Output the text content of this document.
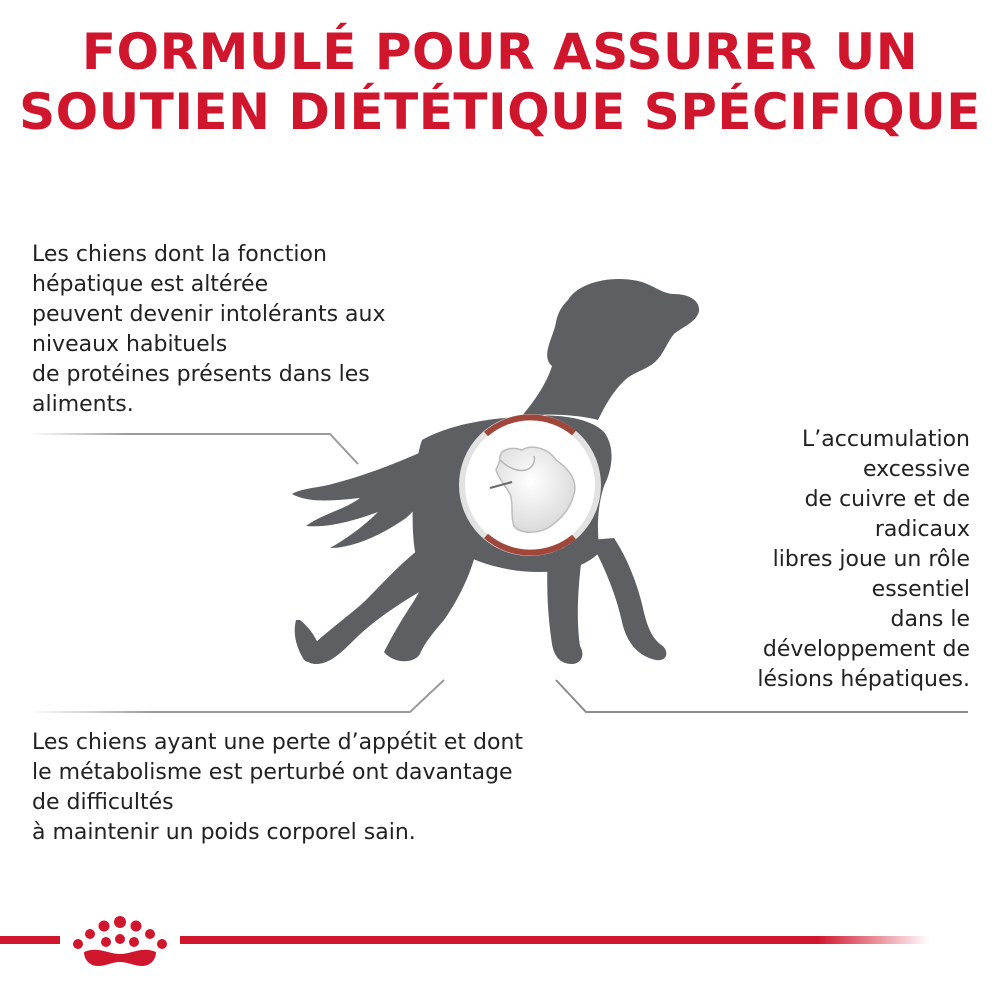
FORMULÉ POUR ASSURER UN
SOUTIEN DIÉTÉTIQUE SPÉCIFIQUE
Les chiens dont la fonction
hépatique est altérée
peuvent devenir intolérants aux
niveaux habituels
de protéines présents dans les
aliments.
L’accumulation
excessive
de cuivre et de
radicaux
libres joue un rôle
essentiel
dans le
développement de
lésions hépatiques.
Les chiens ayant une perte d’appétit et dont
le métabolisme est perturbé ont davantage
de difficultés
à maintenir un poids corporel sain.
